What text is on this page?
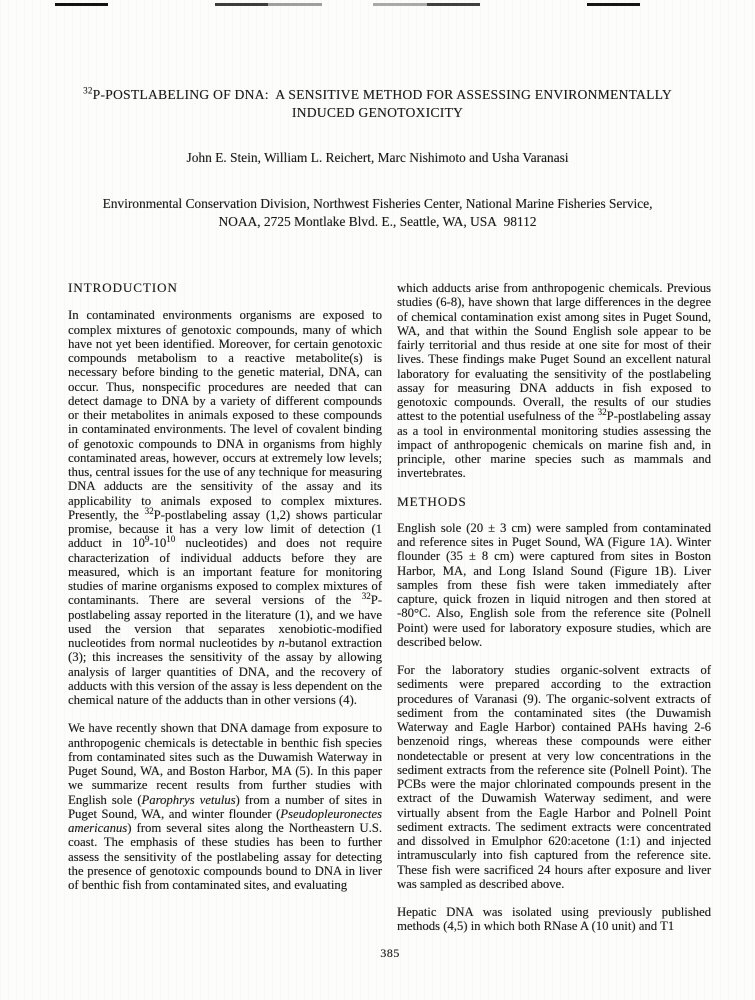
$^{32}$P-POSTLABELING OF DNA:  A SENSITIVE METHOD FOR ASSESSING ENVIRONMENTALLY
INDUCED GENOTOXICITY
John E. Stein, William L. Reichert, Marc Nishimoto and Usha Varanasi
Environmental Conservation Division, Northwest Fisheries Center, National Marine Fisheries Service,
NOAA, 2725 Montlake Blvd. E., Seattle, WA, USA  98112
INTRODUCTION

In contaminated environments organisms are exposed to complex mixtures of genotoxic compounds, many of which have not yet been identified. Moreover, for certain genotoxic compounds metabolism to a reactive metabolite(s) is necessary before binding to the genetic material, DNA, can occur. Thus, nonspecific procedures are needed that can detect damage to DNA by a variety of different compounds or their metabolites in animals exposed to these compounds in contaminated environments. The level of covalent binding of genotoxic compounds to DNA in organisms from highly contaminated areas, however, occurs at extremely low levels; thus, central issues for the use of any technique for measuring DNA adducts are the sensitivity of the assay and its applicability to animals exposed to complex mixtures. Presently, the $^{32}$P-postlabeling assay (1,2) shows particular promise, because it has a very low limit of detection (1 adduct in $10^9-10^{10}$ nucleotides) and does not require characterization of individual adducts before they are measured, which is an important feature for monitoring studies of marine organisms exposed to complex mixtures of contaminants. There are several versions of the $^{32}$P-postlabeling assay reported in the literature (1), and we have used the version that separates xenobiotic-modified nucleotides from normal nucleotides by n-butanol extraction (3); this increases the sensitivity of the assay by allowing analysis of larger quantities of DNA, and the recovery of adducts with this version of the assay is less dependent on the chemical nature of the adducts than in other versions (4).

We have recently shown that DNA damage from exposure to anthropogenic chemicals is detectable in benthic fish species from contaminated sites such as the Duwamish Waterway in Puget Sound, WA, and Boston Harbor, MA (5). In this paper we summarize recent results from further studies with English sole (Parophrys vetulus) from a number of sites in Puget Sound, WA, and winter flounder (Pseudopleuronectes americanus) from several sites along the Northeastern U.S. coast. The emphasis of these studies has been to further assess the sensitivity of the postlabeling assay for detecting the presence of genotoxic compounds bound to DNA in liver of benthic fish from contaminated sites, and evaluating

which adducts arise from anthropogenic chemicals. Previous studies (6-8), have shown that large differences in the degree of chemical contamination exist among sites in Puget Sound, WA, and that within the Sound English sole appear to be fairly territorial and thus reside at one site for most of their lives. These findings make Puget Sound an excellent natural laboratory for evaluating the sensitivity of the postlabeling assay for measuring DNA adducts in fish exposed to genotoxic compounds. Overall, the results of our studies attest to the potential usefulness of the $^{32}$P-postlabeling assay as a tool in environmental monitoring studies assessing the impact of anthropogenic chemicals on marine fish and, in principle, other marine species such as mammals and invertebrates.

METHODS

English sole (20 ± 3 cm) were sampled from contaminated and reference sites in Puget Sound, WA (Figure 1A). Winter flounder (35 ± 8 cm) were captured from sites in Boston Harbor, MA, and Long Island Sound (Figure 1B). Liver samples from these fish were taken immediately after capture, quick frozen in liquid nitrogen and then stored at -80°C. Also, English sole from the reference site (Polnell Point) were used for laboratory exposure studies, which are described below.

For the laboratory studies organic-solvent extracts of sediments were prepared according to the extraction procedures of Varanasi (9). The organic-solvent extracts of sediment from the contaminated sites (the Duwamish Waterway and Eagle Harbor) contained PAHs having 2-6 benzenoid rings, whereas these compounds were either nondetectable or present at very low concentrations in the sediment extracts from the reference site (Polnell Point). The PCBs were the major chlorinated compounds present in the extract of the Duwamish Waterway sediment, and were virtually absent from the Eagle Harbor and Polnell Point sediment extracts. The sediment extracts were concentrated and dissolved in Emulphor 620:acetone (1:1) and injected intramuscularly into fish captured from the reference site. These fish were sacrificed 24 hours after exposure and liver was sampled as described above.

Hepatic DNA was isolated using previously published methods (4,5) in which both RNase A (10 unit) and T1

385
